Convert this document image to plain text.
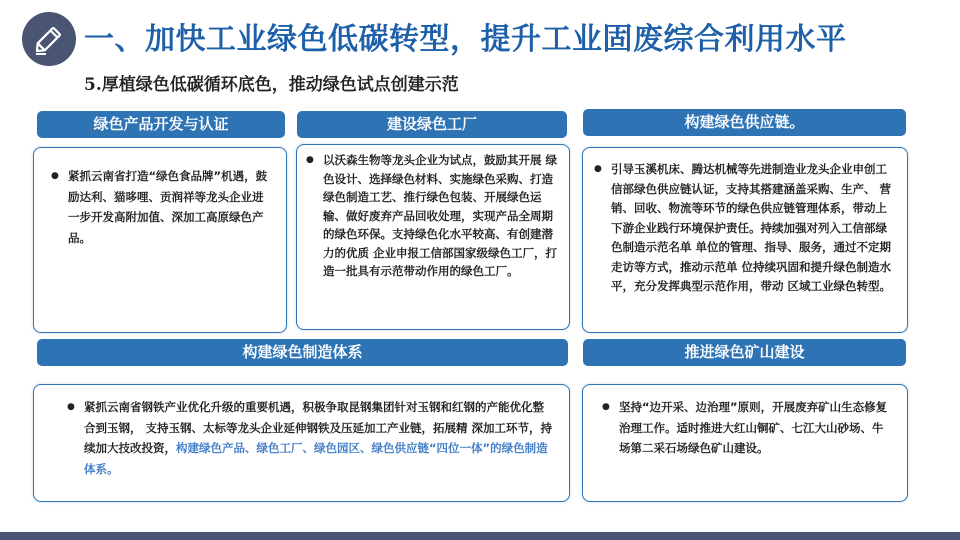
一、加快工业绿色低碳转型，提升工业固废综合利用水平
5.厚植绿色低碳循环底色，推动绿色试点创建示范
绿色产品开发与认证
● 紧抓云南省打造“绿色食品牌”机遇，鼓励达利、猫哆哩、贡润祥等龙头企业进一步开发高附加值、深加工高原绿色产品。
建设绿色工厂
● 以沃森生物等龙头企业为试点，鼓励其开展 绿色设计、选择绿色材料、实施绿色采购、打造绿色制造工艺、推行绿色包装、开展绿色运输、做好废弃产品回收处理，实现产品全周期的绿色环保。支持绿色化水平较高、有创建潜力的优质 企业申报工信部国家级绿色工厂，打造一批具有示范带动作用的绿色工厂。
构建绿色供应链。
● 引导玉溪机床、腾达机械等先进制造业龙头企业申创工信部绿色供应链认证，支持其搭建涵盖采购、生产、 营销、回收、物流等环节的绿色供应链管理体系，带动上下游企业践行环境保护责任。持续加强对列入工信部绿色制造示范名单 单位的管理、指导、服务，通过不定期走访等方式，推动示范单 位持续巩固和提升绿色制造水平，充分发挥典型示范作用，带动 区域工业绿色转型。
构建绿色制造体系
● 紧抓云南省钢铁产业优化升级的重要机遇，积极争取昆钢集团针对玉钢和红钢的产能优化整合到玉钢， 支持玉钢、太标等龙头企业延伸钢铁及压延加工产业链，拓展精 深加工环节，持续加大技改投资，构建绿色产品、绿色工厂、绿色园区、绿色供应链“四位一体”的绿色制造体系。
推进绿色矿山建设
● 坚持“边开采、边治理”原则，开展废弃矿山生态修复治理工作。适时推进大红山铜矿、七江大山砂场、牛场第二采石场绿色矿山建设。
